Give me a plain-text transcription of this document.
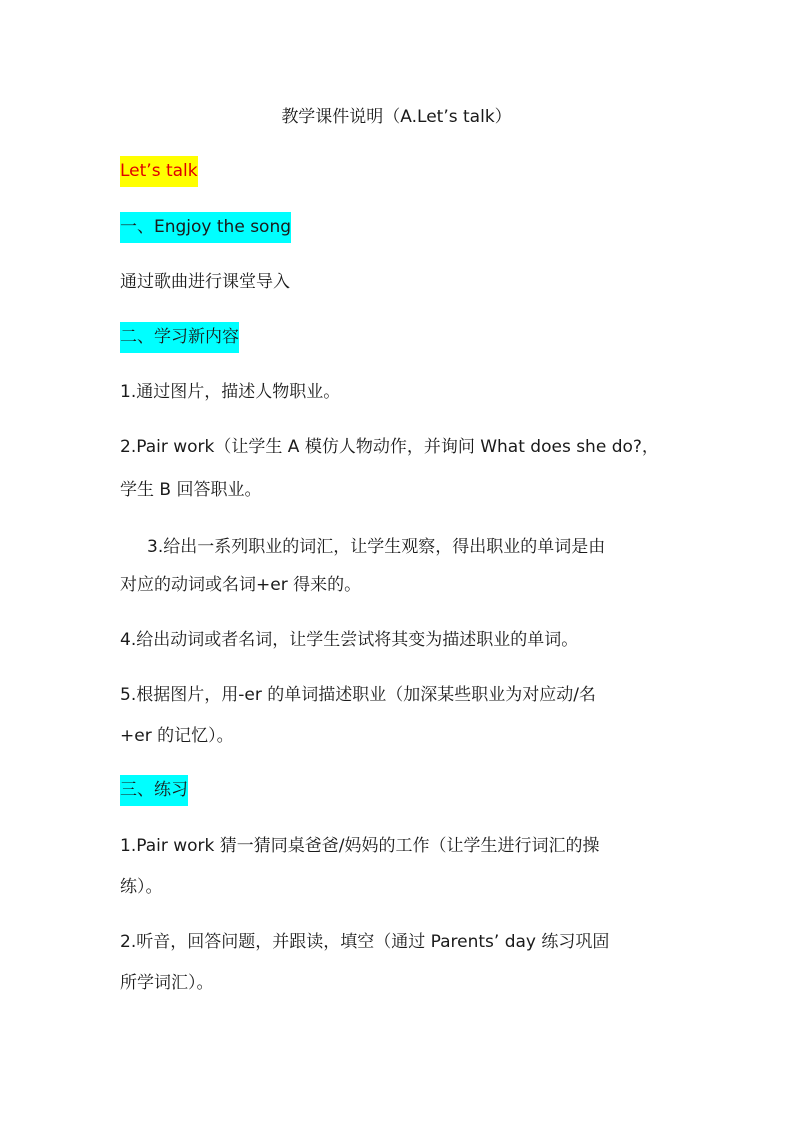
教学课件说明（A.Let’s talk）
Let’s talk
一、Engjoy the song
通过歌曲进行课堂导入
二、学习新内容
1.通过图片，描述人物职业。
2.Pair work（让学生 A 模仿人物动作，并询问 What does she do?，
学生 B 回答职业。
3.给出一系列职业的词汇，让学生观察，得出职业的单词是由
对应的动词或名词+er 得来的。
4.给出动词或者名词，让学生尝试将其变为描述职业的单词。
5.根据图片，用-er 的单词描述职业（加深某些职业为对应动/名
+er 的记忆）。
三、练习
1.Pair work 猜一猜同桌爸爸/妈妈的工作（让学生进行词汇的操
练）。
2.听音，回答问题，并跟读，填空（通过 Parents’ day 练习巩固
所学词汇）。
